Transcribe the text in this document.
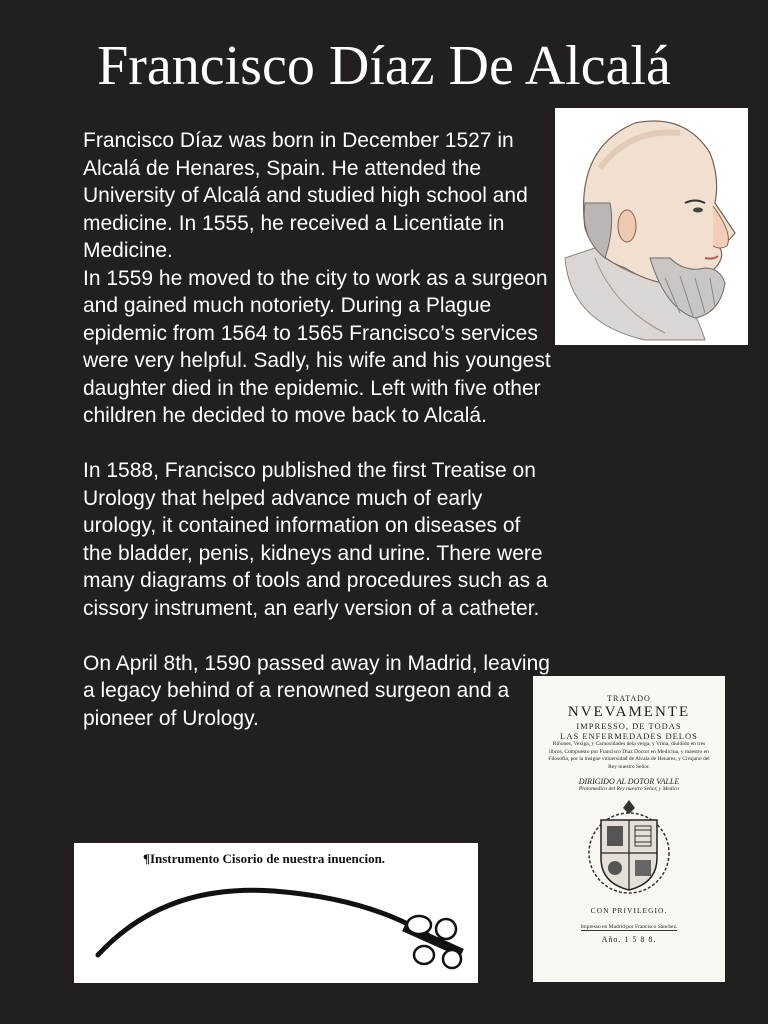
Francisco Díaz De Alcalá

Francisco Díaz was born in December 1527 in Alcalá de Henares, Spain. He attended the University of Alcalá and studied high school and medicine. In 1555, he received a Licentiate in Medicine.

In 1559 he moved to the city to work as a surgeon and gained much notoriety. During a Plague epidemic from 1564 to 1565 Francisco’s services were very helpful. Sadly, his wife and his youngest daughter died in the epidemic. Left with five other children he decided to move back to Alcalá.

In 1588, Francisco published the first Treatise on Urology that helped advance much of early urology, it contained information on diseases of the bladder, penis, kidneys and urine. There were many diagrams of tools and procedures such as a cissory instrument, an early version of a catheter.

On April 8th, 1590 passed away in Madrid, leaving a legacy behind of a renowned surgeon and a pioneer of Urology.

TRATADO
NVEVAMENTE
IMPRESSO, DE TODAS
LAS ENFERMEDADES DELOS
Riñones, Vexiga, y Carnosidades dela verga, y Vrina, diuidido en tres libros. Compuesto por Francisco Diaz Doctor en Medicina, y maestro en Filosofia, por la insigne vniuersidad de Alcala de Henares, y Cirujano del Rey nuestro Señor.
DIRIGIDO AL DOTOR VALLE
Protomedico del Rey nuestro Señor, y Medico
CON PRIVILEGIO.
Impresso en Madrid por Francisco Sanchez.
Año. 1 5 8 8.
¶Instrumento Cisorio de nuestra inuencion.
